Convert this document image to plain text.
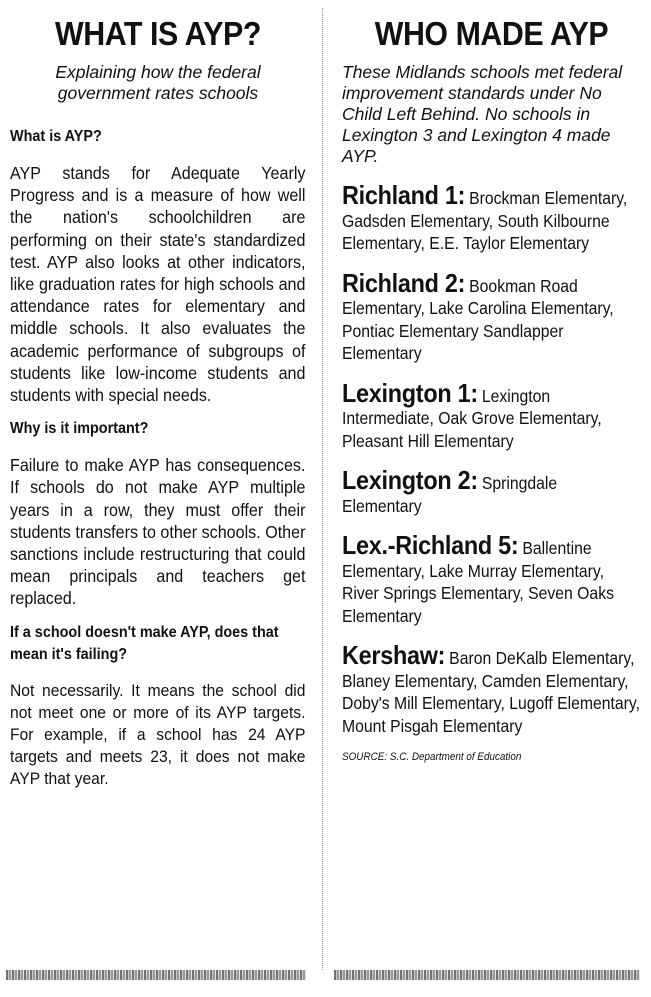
WHAT IS AYP?
Explaining how the federal government rates schools
What is AYP?
AYP stands for Adequate Yearly Progress and is a measure of how well the nation's schoolchildren are performing on their state's standardized test. AYP also looks at other indicators, like graduation rates for high schools and attendance rates for elementary and middle schools. It also evaluates the academic performance of subgroups of students like low-income students and students with special needs.
Why is it important?
Failure to make AYP has consequences. If schools do not make AYP multiple years in a row, they must offer their students transfers to other schools. Other sanctions include restructuring that could mean principals and teachers get replaced.
If a school doesn't make AYP, does that mean it's failing?
Not necessarily. It means the school did not meet one or more of its AYP targets. For example, if a school has 24 AYP targets and meets 23, it does not make AYP that year.
WHO MADE AYP
These Midlands schools met federal improvement standards under No Child Left Behind. No schools in Lexington 3 and Lexington 4 made AYP.
Richland 1: Brockman Elementary, Gadsden Elementary, South Kilbourne Elementary, E.E. Taylor Elementary
Richland 2: Bookman Road Elementary, Lake Carolina Elementary, Pontiac Elementary Sandlapper Elementary
Lexington 1: Lexington Intermediate, Oak Grove Elementary, Pleasant Hill Elementary
Lexington 2: Springdale Elementary
Lex.-Richland 5: Ballentine Elementary, Lake Murray Elementary, River Springs Elementary, Seven Oaks Elementary
Kershaw: Baron DeKalb Elementary, Blaney Elementary, Camden Elementary, Doby's Mill Elementary, Lugoff Elementary, Mount Pisgah Elementary
SOURCE: S.C. Department of Education
